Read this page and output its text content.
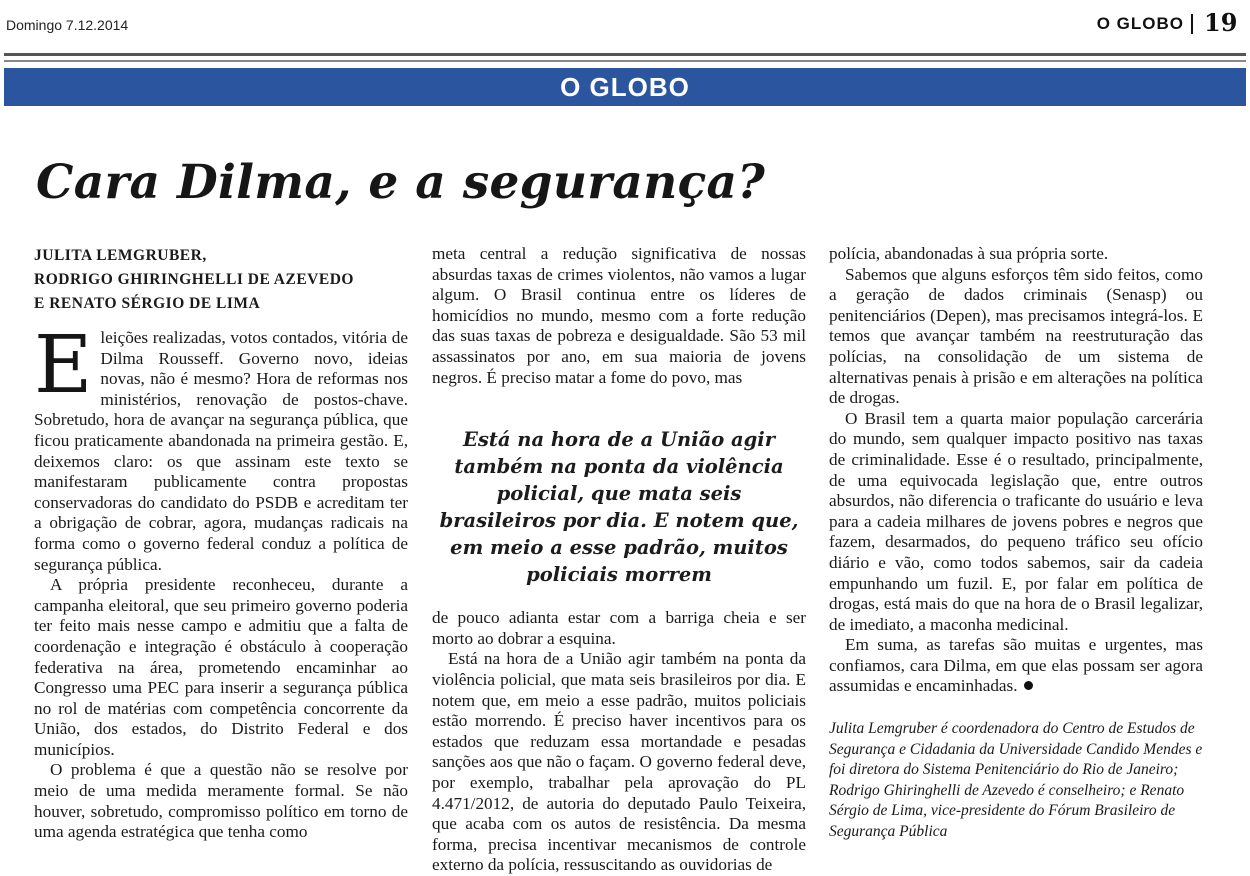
Domingo 7.12.2014	O GLOBO 19
O GLOBO
Cara Dilma, e a segurança?
JULITA LEMGRUBER,
RODRIGO GHIRINGHELLI DE AZEVEDO
E RENATO SÉRGIO DE LIMA

Eleições realizadas, votos contados, vitória de Dilma Rousseff. Governo novo, ideias novas, não é mesmo? Hora de reformas nos ministérios, renovação de postos-chave. Sobretudo, hora de avançar na segurança pública, que ficou praticamente abandonada na primeira gestão. E, deixemos claro: os que assinam este texto se manifestaram publicamente contra propostas conservadoras do candidato do PSDB e acreditam ter a obrigação de cobrar, agora, mudanças radicais na forma como o governo federal conduz a política de segurança pública.

A própria presidente reconheceu, durante a campanha eleitoral, que seu primeiro governo poderia ter feito mais nesse campo e admitiu que a falta de coordenação e integração é obstáculo à cooperação federativa na área, prometendo encaminhar ao Congresso uma PEC para inserir a segurança pública no rol de matérias com competência concorrente da União, dos estados, do Distrito Federal e dos municípios.

O problema é que a questão não se resolve por meio de uma medida meramente formal. Se não houver, sobretudo, compromisso político em torno de uma agenda estratégica que tenha como

meta central a redução significativa de nossas absurdas taxas de crimes violentos, não vamos a lugar algum. O Brasil continua entre os líderes de homicídios no mundo, mesmo com a forte redução das suas taxas de pobreza e desigualdade. São 53 mil assassinatos por ano, em sua maioria de jovens negros. É preciso matar a fome do povo, mas

Está na hora de a União agir também na ponta da violência policial, que mata seis brasileiros por dia. E notem que, em meio a esse padrão, muitos policiais morrem

de pouco adianta estar com a barriga cheia e ser morto ao dobrar a esquina.

Está na hora de a União agir também na ponta da violência policial, que mata seis brasileiros por dia. E notem que, em meio a esse padrão, muitos policiais estão morrendo. É preciso haver incentivos para os estados que reduzam essa mortandade e pesadas sanções aos que não o façam. O governo federal deve, por exemplo, trabalhar pela aprovação do PL 4.471/2012, de autoria do deputado Paulo Teixeira, que acaba com os autos de resistência. Da mesma forma, precisa incentivar mecanismos de controle externo da polícia, ressuscitando as ouvidorias de

polícia, abandonadas à sua própria sorte.

Sabemos que alguns esforços têm sido feitos, como a geração de dados criminais (Senasp) ou penitenciários (Depen), mas precisamos integrá-los. E temos que avançar também na reestruturação das polícias, na consolidação de um sistema de alternativas penais à prisão e em alterações na política de drogas.

O Brasil tem a quarta maior população carcerária do mundo, sem qualquer impacto positivo nas taxas de criminalidade. Esse é o resultado, principalmente, de uma equivocada legislação que, entre outros absurdos, não diferencia o traficante do usuário e leva para a cadeia milhares de jovens pobres e negros que fazem, desarmados, do pequeno tráfico seu ofício diário e vão, como todos sabemos, sair da cadeia empunhando um fuzil. E, por falar em política de drogas, está mais do que na hora de o Brasil legalizar, de imediato, a maconha medicinal.

Em suma, as tarefas são muitas e urgentes, mas confiamos, cara Dilma, em que elas possam ser agora assumidas e encaminhadas.

Julita Lemgruber é coordenadora do Centro de Estudos de Segurança e Cidadania da Universidade Candido Mendes e foi diretora do Sistema Penitenciário do Rio de Janeiro; Rodrigo Ghiringhelli de Azevedo é conselheiro; e Renato Sérgio de Lima, vice-presidente do Fórum Brasileiro de Segurança Pública
